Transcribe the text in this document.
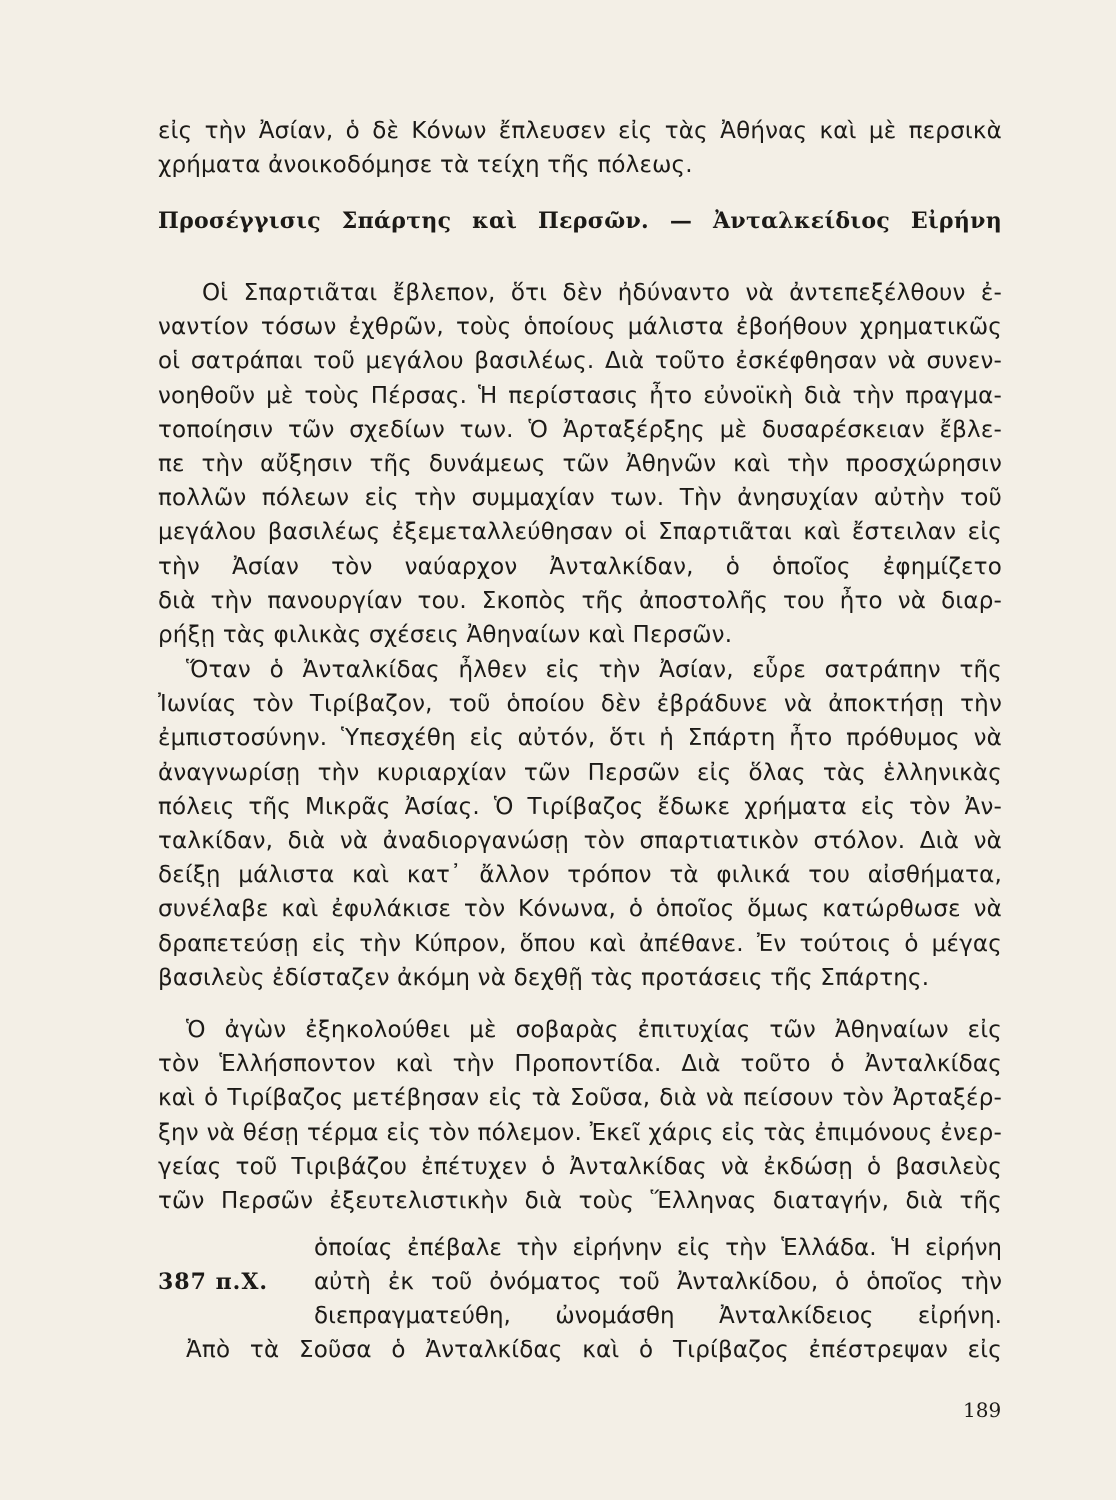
εἰς τὴν Ἀσίαν, ὁ δὲ Κόνων ἔπλευσεν εἰς τὰς Ἀθήνας καὶ μὲ περσικὰ
χρήματα ἀνοικοδόμησε τὰ τείχη τῆς πόλεως.
Προσέγγισις Σπάρτης καὶ Περσῶν. — Ἀνταλκείδιος Εἰρήνη
Οἱ Σπαρτιᾶται ἔβλεπον, ὅτι δὲν ἠδύναντο νὰ ἀντεπεξέλθουν ἐ-
ναντίον τόσων ἐχθρῶν, τοὺς ὁποίους μάλιστα ἐβοήθουν χρηματικῶς
οἱ σατράπαι τοῦ μεγάλου βασιλέως. Διὰ τοῦτο ἐσκέφθησαν νὰ συνεν-
νοηθοῦν μὲ τοὺς Πέρσας. Ἡ περίστασις ἦτο εὐνοϊκὴ διὰ τὴν πραγμα-
τοποίησιν τῶν σχεδίων των. Ὁ Ἀρταξέρξης μὲ δυσαρέσκειαν ἔβλε-
πε τὴν αὔξησιν τῆς δυνάμεως τῶν Ἀθηνῶν καὶ τὴν προσχώρησιν
πολλῶν πόλεων εἰς τὴν συμμαχίαν των. Τὴν ἀνησυχίαν αὐτὴν τοῦ
μεγάλου βασιλέως ἐξεμεταλλεύθησαν οἱ Σπαρτιᾶται καὶ ἔστειλαν εἰς
τὴν Ἀσίαν τὸν ναύαρχον Ἀνταλκίδαν, ὁ ὁποῖος ἐφημίζετο
διὰ τὴν πανουργίαν του. Σκοπὸς τῆς ἀποστολῆς του ἦτο νὰ διαρ-
ρήξῃ τὰς φιλικὰς σχέσεις Ἀθηναίων καὶ Περσῶν.
Ὅταν ὁ Ἀνταλκίδας ἦλθεν εἰς τὴν Ἀσίαν, εὗρε σατράπην τῆς
Ἰωνίας τὸν Τιρίβαζον, τοῦ ὁποίου δὲν ἐβράδυνε νὰ ἀποκτήσῃ τὴν
ἐμπιστοσύνην. Ὑπεσχέθη εἰς αὐτόν, ὅτι ἡ Σπάρτη ἦτο πρόθυμος νὰ
ἀναγνωρίσῃ τὴν κυριαρχίαν τῶν Περσῶν εἰς ὅλας τὰς ἑλληνικὰς
πόλεις τῆς Μικρᾶς Ἀσίας. Ὁ Τιρίβαζος ἔδωκε χρήματα εἰς τὸν Ἀν-
ταλκίδαν, διὰ νὰ ἀναδιοργανώσῃ τὸν σπαρτιατικὸν στόλον. Διὰ νὰ
δείξῃ μάλιστα καὶ κατ᾽ ἄλλον τρόπον τὰ φιλικά του αἰσθήματα,
συνέλαβε καὶ ἐφυλάκισε τὸν Κόνωνα, ὁ ὁποῖος ὅμως κατώρθωσε νὰ
δραπετεύσῃ εἰς τὴν Κύπρον, ὅπου καὶ ἀπέθανε. Ἐν τούτοις ὁ μέγας
βασιλεὺς ἐδίσταζεν ἀκόμη νὰ δεχθῇ τὰς προτάσεις τῆς Σπάρτης.
Ὁ ἀγὼν ἐξηκολούθει μὲ σοβαρὰς ἐπιτυχίας τῶν Ἀθηναίων εἰς
τὸν Ἑλλήσποντον καὶ τὴν Προποντίδα. Διὰ τοῦτο ὁ Ἀνταλκίδας
καὶ ὁ Τιρίβαζος μετέβησαν εἰς τὰ Σοῦσα, διὰ νὰ πείσουν τὸν Ἀρταξέρ-
ξην νὰ θέσῃ τέρμα εἰς τὸν πόλεμον. Ἐκεῖ χάρις εἰς τὰς ἐπιμόνους ἐνερ-
γείας τοῦ Τιριβάζου ἐπέτυχεν ὁ Ἀνταλκίδας νὰ ἐκδώσῃ ὁ βασιλεὺς
τῶν Περσῶν ἐξευτελιστικὴν διὰ τοὺς Ἕλληνας διαταγήν, διὰ τῆς
ὁποίας ἐπέβαλε τὴν εἰρήνην εἰς τὴν Ἑλλάδα. Ἡ εἰρήνη
387 π.Χ. αὐτὴ ἐκ τοῦ ὀνόματος τοῦ Ἀνταλκίδου, ὁ ὁποῖος τὴν
διεπραγματεύθη, ὠνομάσθη Ἀνταλκίδειος εἰρήνη.
Ἀπὸ τὰ Σοῦσα ὁ Ἀνταλκίδας καὶ ὁ Τιρίβαζος ἐπέστρεψαν εἰς
189
